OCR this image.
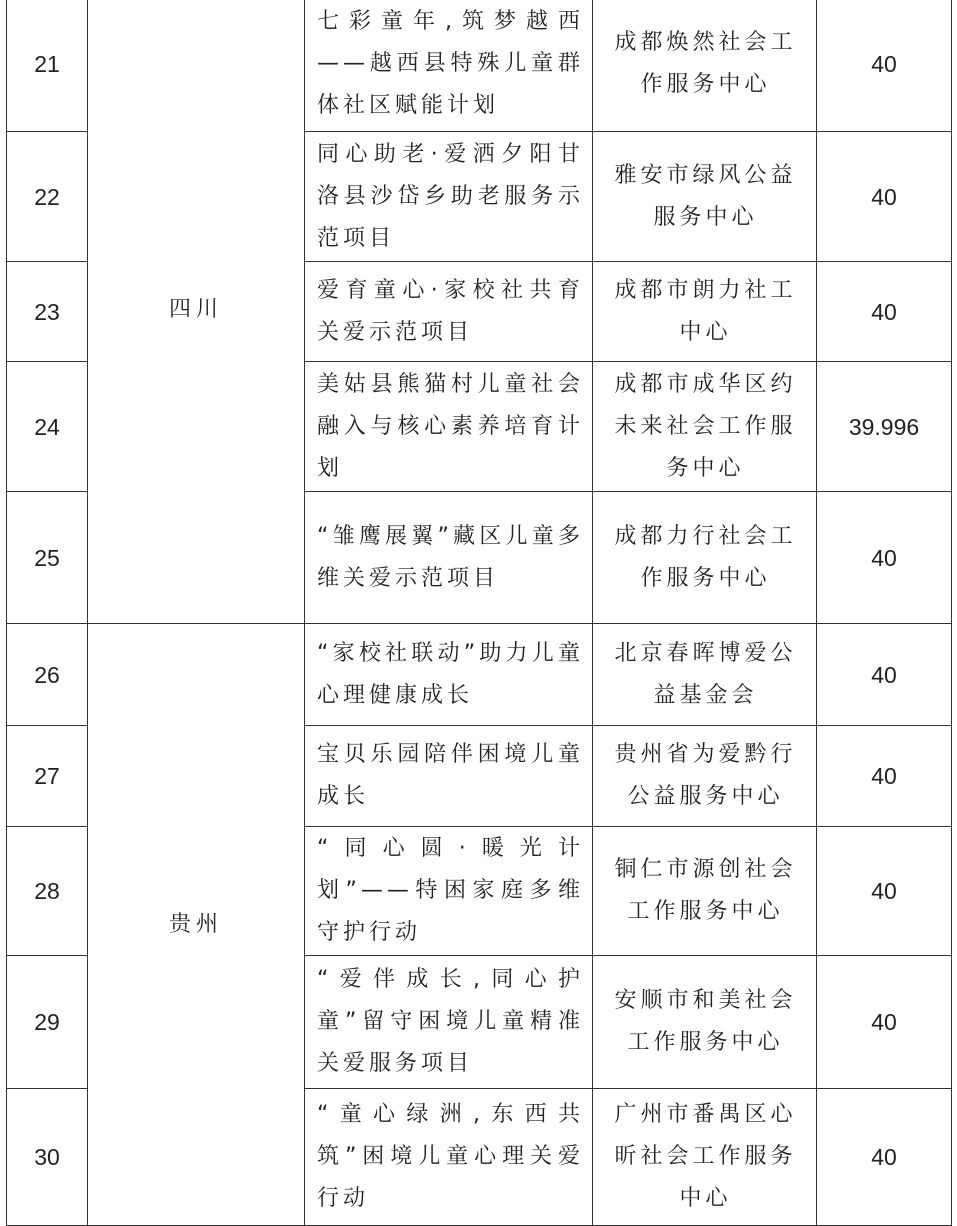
21	四川	七彩童年,筑梦越西 ——越西县特殊儿童群体社区赋能计划	成都焕然社会工作服务中心	40
22		同心助老·爱洒夕阳甘洛县沙岱乡助老服务示范项目	雅安市绿风公益服务中心	40
23		爱育童心·家校社共育关爱示范项目	成都市朗力社工中心	40
24		美姑县熊猫村儿童社会融入与核心素养培育计划	成都市成华区约未来社会工作服务中心	39.996
25		“雏鹰展翼”藏区儿童多维关爱示范项目	成都力行社会工作服务中心	40
26	贵州	“家校社联动”助力儿童心理健康成长	北京春晖博爱公益基金会	40
27		宝贝乐园陪伴困境儿童成长	贵州省为爱黔行公益服务中心	40
28		“同心圆·暖光计划”——特困家庭多维守护行动	铜仁市源创社会工作服务中心	40
29		“爱伴成长,同心护童”留守困境儿童精准关爱服务项目	安顺市和美社会工作服务中心	40
30		“童心绿洲,东西共筑”困境儿童心理关爱行动	广州市番禺区心昕社会工作服务中心	40
